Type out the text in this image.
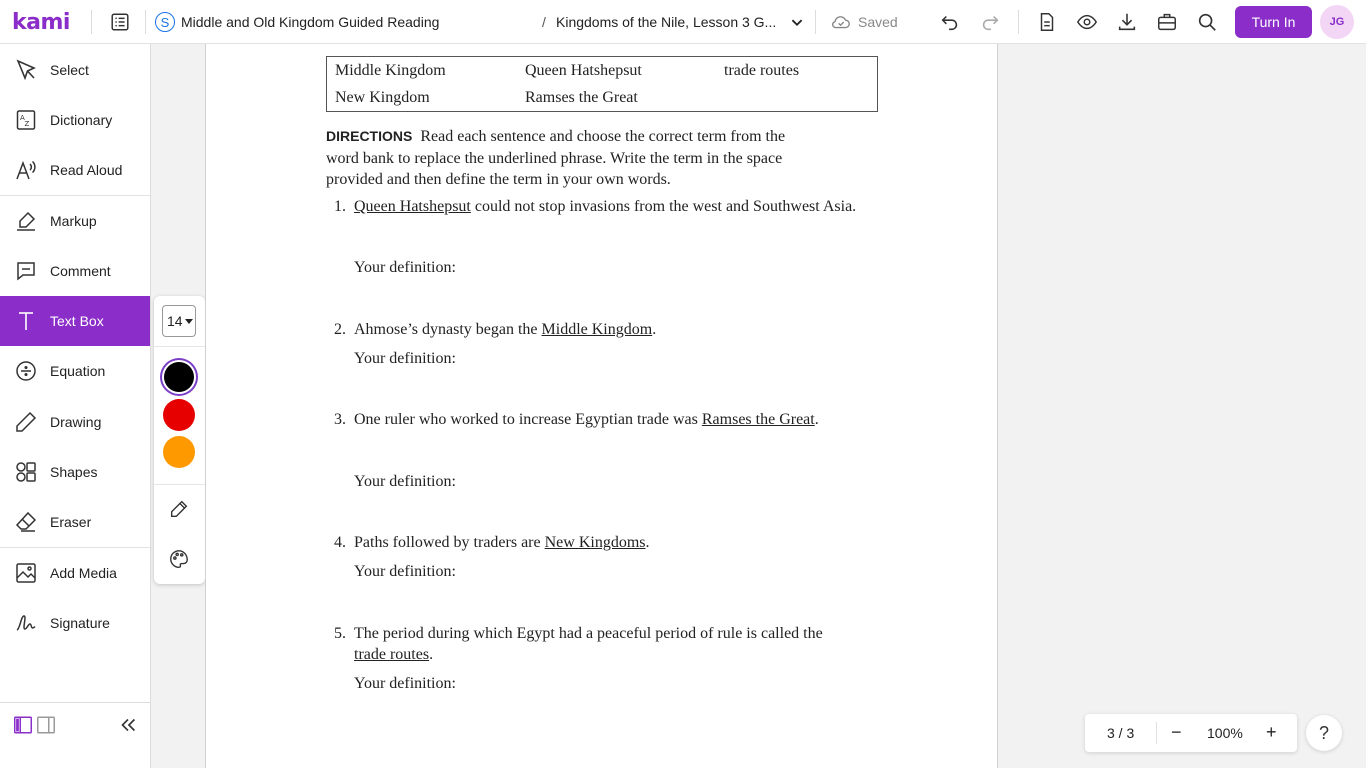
kami	S Middle and Old Kingdom Guided Reading	/ Kingdoms of the Nile, Lesson 3 G...	Saved	Turn In	JG
Select
A
Z Dictionary
Read Aloud
Markup
Comment
Text Box
Equation
Drawing
Shapes
Eraser
Add Media
Signature
14
Middle Kingdom	Queen Hatshepsut	trade routes
New Kingdom	Ramses the Great
DIRECTIONS Read each sentence and choose the correct term from the word bank to replace the underlined phrase. Write the term in the space provided and then define the term in your own words.
1. Queen Hatshepsut could not stop invasions from the west and Southwest Asia.
Your definition:
2. Ahmose’s dynasty began the Middle Kingdom.
Your definition:
3. One ruler who worked to increase Egyptian trade was Ramses the Great.
Your definition:
4. Paths followed by traders are New Kingdoms.
Your definition:
5. The period during which Egypt had a peaceful period of rule is called the
trade routes.
Your definition:
3 / 3 − 100% +	?
